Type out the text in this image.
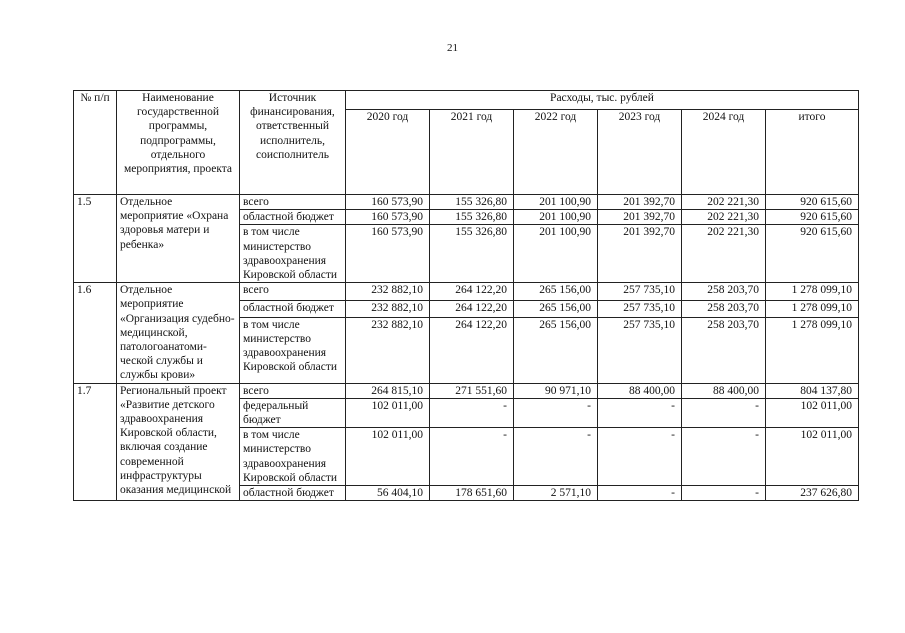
21
№ п/п	Наименование государственной программы, подпрограммы, отдельного мероприятия, проекта	Источник финансирования, ответственный исполнитель, соисполнитель	Расходы, тыс. рублей					
			2020 год	2021 год	2022 год	2023 год	2024 год	итого
1.5	Отдельное мероприятие «Охрана здоровья матери и ребенка»	всего	160 573,90	155 326,80	201 100,90	201 392,70	202 221,30	920 615,60
		областной бюджет	160 573,90	155 326,80	201 100,90	201 392,70	202 221,30	920 615,60
		в том числе министерство здравоохранения Кировской области	160 573,90	155 326,80	201 100,90	201 392,70	202 221,30	920 615,60
1.6	Отдельное мероприятие «Организация судебно-медицинской, патологоанатоми-ческой службы и службы крови»	всего	232 882,10	264 122,20	265 156,00	257 735,10	258 203,70	1 278 099,10
		областной бюджет	232 882,10	264 122,20	265 156,00	257 735,10	258 203,70	1 278 099,10
		в том числе министерство здравоохранения Кировской области	232 882,10	264 122,20	265 156,00	257 735,10	258 203,70	1 278 099,10
1.7	Региональный проект «Развитие детского здравоохранения Кировской области, включая создание современной инфраструктуры оказания медицинской	всего	264 815,10	271 551,60	90 971,10	88 400,00	88 400,00	804 137,80
		федеральный бюджет	102 011,00	-	-	-	-	102 011,00
		в том числе министерство здравоохранения Кировской области	102 011,00	-	-	-	-	102 011,00
		областной бюджет	56 404,10	178 651,60	2 571,10	-	-	237 626,80
